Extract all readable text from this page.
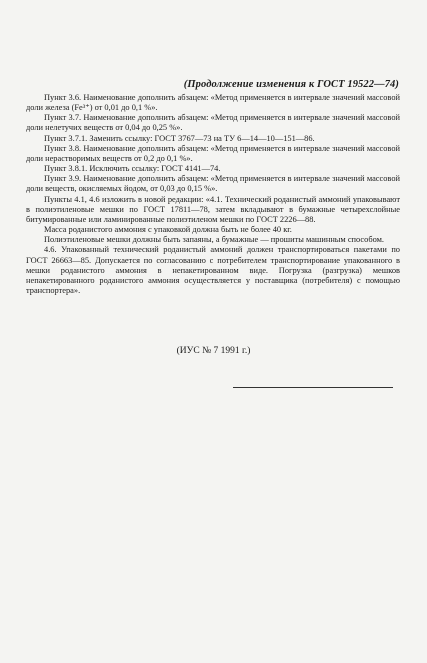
(Продолжение изменения к ГОСТ 19522—74)

Пункт 3.6. Наименование дополнить абзацем: «Метод применяется в интервале значений массовой доли железа (Fe³⁺) от 0,01 до 0,1 %».

Пункт 3.7. Наименование дополнить абзацем: «Метод применяется в интервале значений массовой доли нелетучих веществ от 0,04 до 0,25 %».

Пункт 3.7.1. Заменить ссылку: ГОСТ 3767—73 на ТУ 6—14—10—151—86.

Пункт 3.8. Наименование дополнить абзацем: «Метод применяется в интервале значений массовой доли нерастворимых веществ от 0,2 до 0,1 %».

Пункт 3.8.1. Исключить ссылку: ГОСТ 4141—74.

Пункт 3.9. Наименование дополнить абзацем: «Метод применяется в интервале значений массовой доли веществ, окисляемых йодом, от 0,03 до 0,15 %».

Пункты 4.1, 4.6 изложить в новой редакции: «4.1. Технический роданистый аммоний упаковывают в полиэтиленовые мешки по ГОСТ 17811—78, затем вкладывают в бумажные четырехслойные битумированные или ламинированные полиэтиленом мешки по ГОСТ 2226—88.

Масса роданистого аммония с упаковкой должна быть не более 40 кг.

Полиэтиленовые мешки должны быть запаяны, а бумажные — прошиты машинным способом.

4.6. Упакованный технический роданистый аммоний должен транспортироваться пакетами по ГОСТ 26663—85. Допускается по согласованию с потребителем транспортирование упакованного в мешки роданистого аммония в непакетированном виде. Погрузка (разгрузка) мешков непакетированного роданистого аммония осуществляется у поставщика (потребителя) с помощью транспортера».

(ИУС № 7 1991 г.)
